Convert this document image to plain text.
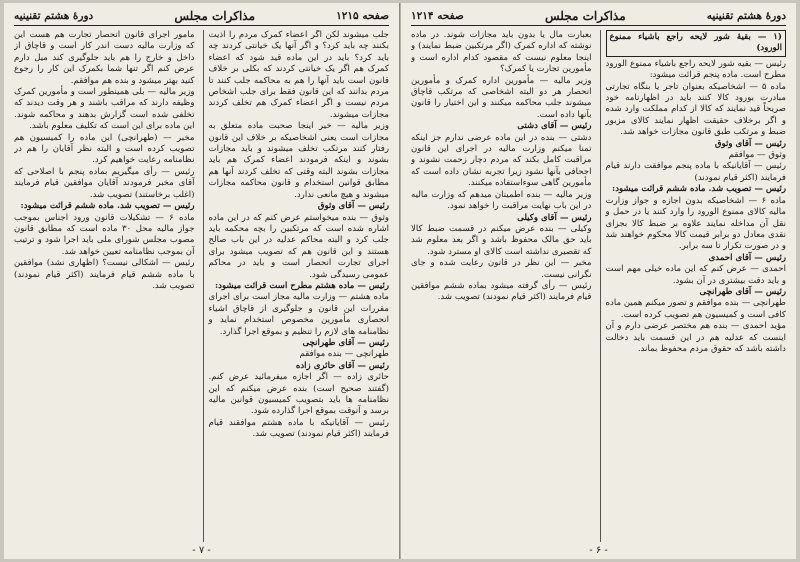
صفحه ۱۲۱۵
مذاکرات مجلس
دورهٔ هشتم تقنینیه

جلب میشوند لکن اگر اعضاء کمرک مردم را اذیت بکنند چه باید کرد؟ و اگر آنها یک خیانتی کردند چه باید کرد؟ باید در این ماده قید شود که اعضاء کمرک هم اگر یک خیانتی کردند که بکلی بر خلاف قانون است باید آنها را هم به محاکمه جلب کنند تا مردم بدانند که این قانون فقط برای جلب اشخاص مردم نیست و اگر اعضاء کمرک هم تخلف کردند مجازات میشوند.

وزیر مالیه — خیر اینجا صحبت ماده متعلق به مجازات است یعنی اشخاصیکه بر خلاف این قانون رفتار کنند مرتکب تخلف میشوند و باید مجازات بشوند و اینکه فرمودند اعضاء کمرک هم باید مجازات بشوند البته وقتی که تخلف کردند آنها هم مطابق قوانین استخدام و قانون محاکمه مجازات میشوند و هیچ مانعی ندارد.

رئیس — آقای وثوق

وثوق — بنده میخواستم عرض کنم که در این ماده اشاره شده است که مرتکبین را بچه محکمه باید جلب کرد و البته محاکم عدلیه در این باب صالح هستند و این قانون هم که تصویب میشود برای اجرای تجارت انحصار است و باید در محاکم عمومی رسیدگی شود.

رئیس — ماده هشتم مطرح است قرائت میشود:

ماده هشتم — وزارت مالیه مجاز است برای اجرای مقررات این قانون و جلوگیری از قاچاق اشیاء انحصاری مأمورین مخصوص استخدام نماید و نظامنامه های لازم را تنظیم و بموقع اجرا گذارد.

رئیس — آقای طهرانچی

طهرانچی — بنده موافقم

رئیس — آقای حائری زاده

حائری زاده — اگر اجازه میفرمائید عرض کنم. (گفتند صحیح است) بنده عرض میکنم که این نظامنامه ها باید بتصویب کمیسیون قوانین مالیه برسد و آنوقت بموقع اجرا گذارده شود.

رئیس — آقایانیکه با ماده هشتم موافقند قیام فرمایند (اکثر قیام نمودند) تصویب شد.

مأمور اجرای قانون انحصار تجارت هم هست این که وزارت مالیه دست اندر کار است و قاچاق از داخل و خارج را هم باید جلوگیری کند میل دارم عرض کنم اگر تنها شما بکمرک این کار را رجوع کنید بهتر میشود و بنده هم موافقم.

وزیر مالیه — بلی همینطور است و مأمورین کمرک وظیفه دارند که مراقب باشند و هر وقت دیدند که تخلفی شده است گزارش بدهند و محاکمه شوند. این ماده برای این است که تکلیف معلوم باشد.

مخبر — (طهرانچی) این ماده را کمیسیون هم تصویب کرده است و البته نظر آقایان را هم در نظامنامه رعایت خواهیم کرد.

رئیس — رأی میگیریم بماده پنجم با اصلاحی که آقای مخبر فرمودند آقایان موافقین قیام فرمایند (اغلب برخاستند) تصویب شد.

رئیس — تصویب شد. ماده ششم قرائت میشود:

ماده ۶ — تشکیلات قانون ورود اجناس بموجب جواز مالیه محل ۳۰ ماده است که مطابق قانون مصوب مجلس شورای ملی باید اجرا شود و ترتیب آن بموجب نظامنامه تعیین خواهد شد.

رئیس — اشکالی نیست؟ (اظهاری نشد) موافقین با ماده ششم قیام فرمایند (اکثر قیام نمودند) تصویب شد.

- ۷ -
دورهٔ هشتم تقنینیه
مذاکرات مجلس
صفحه ۱۲۱۴
(۱ — بقیهٔ شور لایحه راجع باشیاء ممنوع الورود)

رئیس — بقیه شور لایحه راجع باشیاء ممنوع الورود مطرح است. ماده پنجم قرائت میشود:

ماده ۵ — اشخاصیکه بعنوان تاجر یا بنگاه تجارتی مبادرت بورود کالا کنند باید در اظهارنامه خود صریحاً قید نمایند که کالا از کدام مملکت وارد شده و اگر برخلاف حقیقت اظهار نمایند کالای مزبور ضبط و مرتکب طبق قانون مجازات خواهد شد.

رئیس — آقای وثوق

وثوق — موافقم

رئیس — آقایانیکه با ماده پنجم موافقت دارند قیام فرمایند (اکثر قیام نمودند)

رئیس — تصویب شد. ماده ششم قرائت میشود:

ماده ۶ — اشخاصیکه بدون اجازه و جواز وزارت مالیه کالای ممنوع الورود را وارد کنند یا در حمل و نقل آن مداخله نمایند علاوه بر ضبط کالا بجزای نقدی معادل دو برابر قیمت کالا محکوم خواهند شد و در صورت تکرار تا سه برابر.

رئیس — آقای احمدی

احمدی — عرض کنم که این ماده خیلی مهم است و باید دقت بیشتری در آن بشود.

رئیس — آقای طهرانچی

طهرانچی — بنده موافقم و تصور میکنم همین ماده کافی است و کمیسیون هم تصویب کرده است.

مؤید احمدی — بنده هم مختصر عرضی دارم و آن اینست که عدلیه هم در این قسمت باید دخالت داشته باشد که حقوق مردم محفوظ بماند.

بعبارت مال یا بدون باید مجازات شوند. در ماده نوشته که اداره کمرک (اگر مرتکبین ضبط نمایند) و اینجا معلوم نیست که مقصود کدام اداره است و مأمورین تجارت یا کمرک؟

وزیر مالیه — مأمورین اداره کمرک و مأمورین انحصار هر دو البته اشخاصی که مرتکب قاچاق میشوند جلب محاکمه میکنند و این اختیار را قانون بآنها داده است.

رئیس — آقای دشتی

دشتی — بنده در این ماده عرضی ندارم جز اینکه تمنا میکنم وزارت مالیه در اجرای این قانون مراقبت کامل بکند که مردم دچار زحمت نشوند و اجحافی بآنها نشود زیرا تجربه نشان داده است که مأمورین گاهی سوءاستفاده میکنند.

وزیر مالیه — بنده اطمینان میدهم که وزارت مالیه در این باب نهایت مراقبت را خواهد نمود.

رئیس — آقای وکیلی

وکیلی — بنده عرض میکنم در قسمت ضبط کالا باید حق مالک محفوظ باشد و اگر بعد معلوم شد که تقصیری نداشته است کالای او مسترد شود.

مخبر — این نظر در قانون رعایت شده و جای نگرانی نیست.

رئیس — رأی گرفته میشود بماده ششم موافقین قیام فرمایند (اکثر قیام نمودند) تصویب شد.

- ۶ -
